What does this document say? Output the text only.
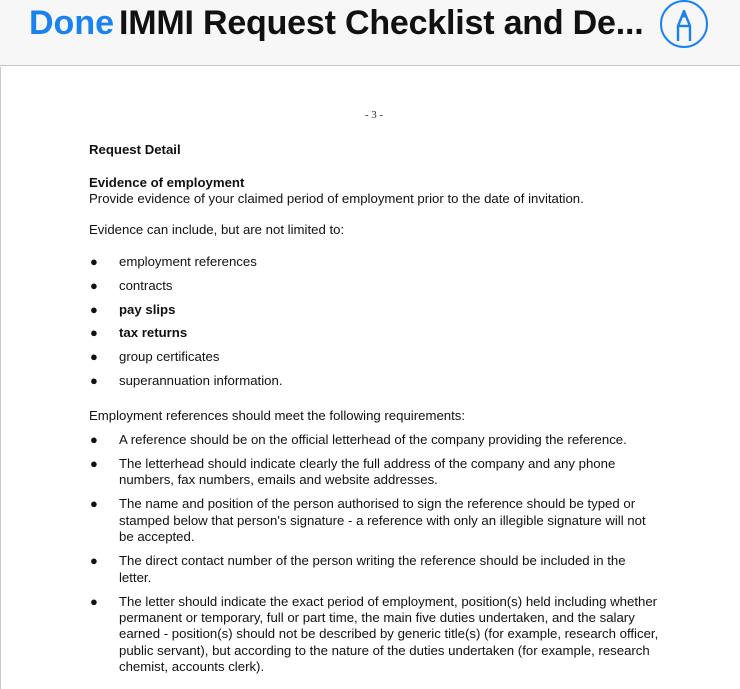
Done IMMI Request Checklist and De...
- 3 -
Request Detail
Evidence of employment
Provide evidence of your claimed period of employment prior to the date of invitation.
Evidence can include, but are not limited to:
● employment references
● contracts
● pay slips
● tax returns
● group certificates
● superannuation information.
Employment references should meet the following requirements:
● A reference should be on the official letterhead of the company providing the reference.
● The letterhead should indicate clearly the full address of the company and any phone numbers, fax numbers, emails and website addresses.
● The name and position of the person authorised to sign the reference should be typed or stamped below that person's signature - a reference with only an illegible signature will not be accepted.
● The direct contact number of the person writing the reference should be included in the letter.
● The letter should indicate the exact period of employment, position(s) held including whether permanent or temporary, full or part time, the main five duties undertaken, and the salary earned - position(s) should not be described by generic title(s) (for example, research officer, public servant), but according to the nature of the duties undertaken (for example, research chemist, accounts clerk).
